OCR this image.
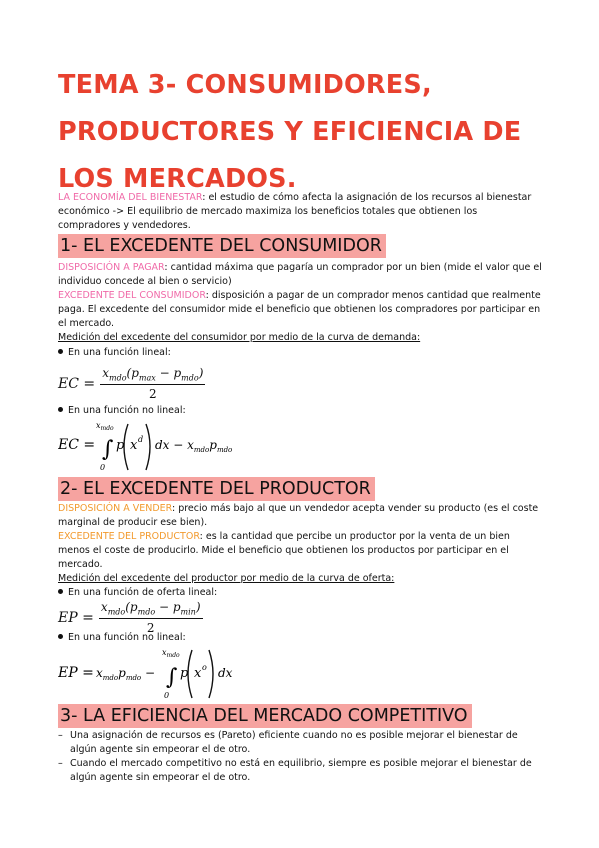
TEMA 3- CONSUMIDORES,
PRODUCTORES Y EFICIENCIA DE
LOS MERCADOS.
LA ECONOMÍA DEL BIENESTAR: el estudio de cómo afecta la asignación de los recursos al bienestar económico -> El equilibrio de mercado maximiza los beneficios totales que obtienen los compradores y vendedores.
1- EL EXCEDENTE DEL CONSUMIDOR
DISPOSICIÓN A PAGAR: cantidad máxima que pagaría un comprador por un bien (mide el valor que el individuo concede al bien o servicio)
EXCEDENTE DEL CONSUMIDOR: disposición a pagar de un comprador menos cantidad que realmente paga. El excedente del consumidor mide el beneficio que obtienen los compradores por participar en el mercado.
Medición del excedente del consumidor por medio de la curva de demanda:
En una función lineal:
EC = $\frac{x_{mdo}(p_{max} - p_{mdo})}{2}$
En una función no lineal:
EC =
$x_{mdo}$
∫
0
p x d dx − $x_{mdo}p_{mdo}$
2- EL EXCEDENTE DEL PRODUCTOR
DISPOSICIÓN A VENDER: precio más bajo al que un vendedor acepta vender su producto (es el coste marginal de producir ese bien).
EXCEDENTE DEL PRODUCTOR: es la cantidad que percibe un productor por la venta de un bien menos el coste de producirlo. Mide el beneficio que obtienen los productos por participar en el mercado.
Medición del excedente del productor por medio de la curva de oferta:
En una función de oferta lineal:
EP = $\frac{x_{mdo}(p_{mdo} - p_{min})}{2}$
En una función no lineal:
EP = $x_{mdo}p_{mdo}$ −
$x_{mdo}$
∫
0
p x o dx
3- LA EFICIENCIA DEL MERCADO COMPETITIVO
– Una asignación de recursos es (Pareto) eficiente cuando no es posible mejorar el bienestar de algún agente sin empeorar el de otro.
– Cuando el mercado competitivo no está en equilibrio, siempre es posible mejorar el bienestar de algún agente sin empeorar el de otro.
